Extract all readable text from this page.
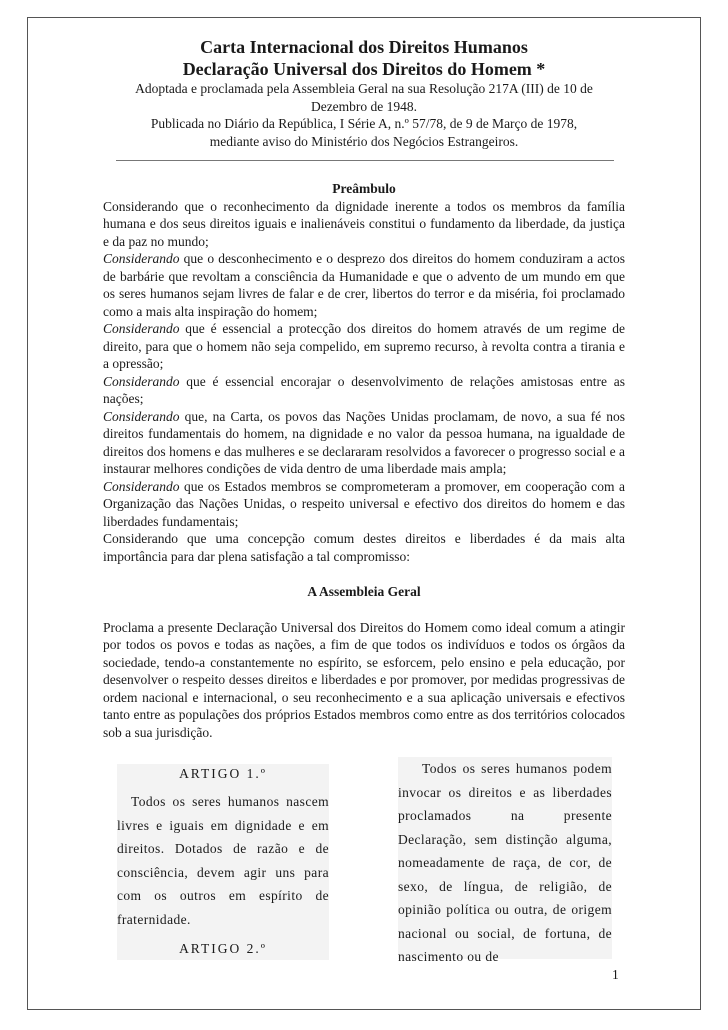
Carta Internacional dos Direitos Humanos

Declaração Universal dos Direitos do Homem *

Adoptada e proclamada pela Assembleia Geral na sua Resolução 217A (III) de 10 de

Dezembro de 1948.

Publicada no Diário da República, I Série A, n.º 57/78, de 9 de Março de 1978,

mediante aviso do Ministério dos Negócios Estrangeiros.

Preâmbulo

Considerando que o reconhecimento da dignidade inerente a todos os membros da família humana e dos seus direitos iguais e inalienáveis constitui o fundamento da liberdade, da justiça e da paz no mundo;

Considerando que o desconhecimento e o desprezo dos direitos do homem conduziram a actos de barbárie que revoltam a consciência da Humanidade e que o advento de um mundo em que os seres humanos sejam livres de falar e de crer, libertos do terror e da miséria, foi proclamado como a mais alta inspiração do homem;

Considerando que é essencial a protecção dos direitos do homem através de um regime de direito, para que o homem não seja compelido, em supremo recurso, à revolta contra a tirania e a opressão;

Considerando que é essencial encorajar o desenvolvimento de relações amistosas entre as nações;

Considerando que, na Carta, os povos das Nações Unidas proclamam, de novo, a sua fé nos direitos fundamentais do homem, na dignidade e no valor da pessoa humana, na igualdade de direitos dos homens e das mulheres e se declararam resolvidos a favorecer o progresso social e a instaurar melhores condições de vida dentro de uma liberdade mais ampla;

Considerando que os Estados membros se comprometeram a promover, em cooperação com a Organização das Nações Unidas, o respeito universal e efectivo dos direitos do homem e das liberdades fundamentais;

Considerando que uma concepção comum destes direitos e liberdades é da mais alta importância para dar plena satisfação a tal compromisso:

A Assembleia Geral

Proclama a presente Declaração Universal dos Direitos do Homem como ideal comum a atingir por todos os povos e todas as nações, a fim de que todos os indivíduos e todos os órgãos da sociedade, tendo-a constantemente no espírito, se esforcem, pelo ensino e pela educação, por desenvolver o respeito desses direitos e liberdades e por promover, por medidas progressivas de ordem nacional e internacional, o seu reconhecimento e a sua aplicação universais e efectivos tanto entre as populações dos próprios Estados membros como entre as dos territórios colocados sob a sua jurisdição.

ARTIGO 1.º

Todos os seres humanos nascem livres e iguais em dignidade e em direitos. Dotados de razão e de consciência, devem agir uns para com os outros em espírito de fraternidade.

ARTIGO 2.º

Todos os seres humanos podem invocar os direitos e as liberdades proclamados na presente Declaração, sem distinção alguma, nomeadamente de raça, de cor, de sexo, de língua, de religião, de opinião política ou outra, de origem nacional ou social, de fortuna, de nascimento ou de

1
